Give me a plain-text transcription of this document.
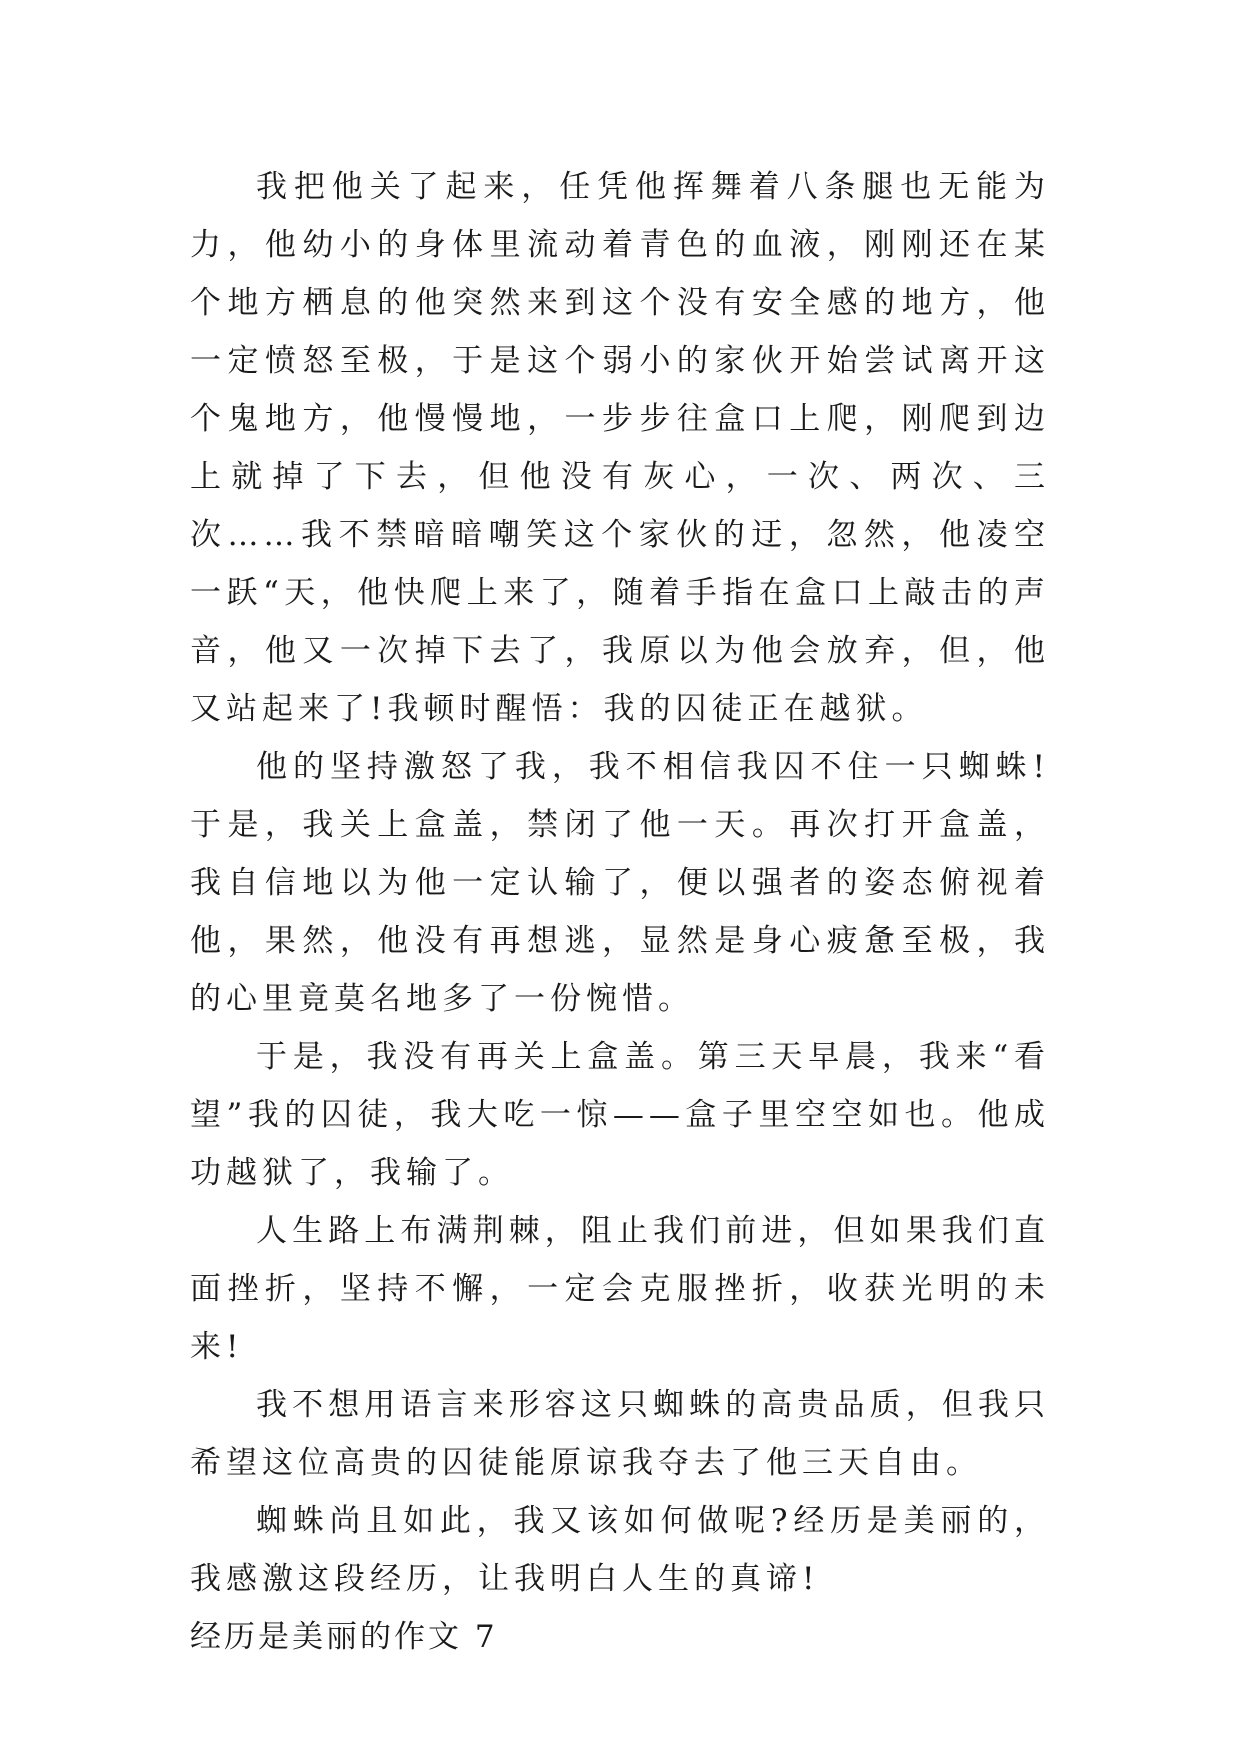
我把他关了起来，任凭他挥舞着八条腿也无能为力，他幼小的身体里流动着青色的血液，刚刚还在某个地方栖息的他突然来到这个没有安全感的地方，他一定愤怒至极，于是这个弱小的家伙开始尝试离开这个鬼地方，他慢慢地，一步步往盒口上爬，刚爬到边上就掉了下去，但他没有灰心，一次、两次、三次……我不禁暗暗嘲笑这个家伙的迂，忽然，他凌空一跃“天，他快爬上来了，随着手指在盒口上敲击的声音，他又一次掉下去了，我原以为他会放弃，但，他又站起来了!我顿时醒悟：我的囚徒正在越狱。

他的坚持激怒了我，我不相信我囚不住一只蜘蛛!于是，我关上盒盖，禁闭了他一天。再次打开盒盖，我自信地以为他一定认输了，便以强者的姿态俯视着他，果然，他没有再想逃，显然是身心疲惫至极，我的心里竟莫名地多了一份惋惜。

于是，我没有再关上盒盖。第三天早晨，我来“看望”我的囚徒，我大吃一惊——盒子里空空如也。他成功越狱了，我输了。

人生路上布满荆棘，阻止我们前进，但如果我们直面挫折，坚持不懈，一定会克服挫折，收获光明的未来!

我不想用语言来形容这只蜘蛛的高贵品质，但我只希望这位高贵的囚徒能原谅我夺去了他三天自由。

蜘蛛尚且如此，我又该如何做呢?经历是美丽的，我感激这段经历，让我明白人生的真谛!

经历是美丽的作文 7
